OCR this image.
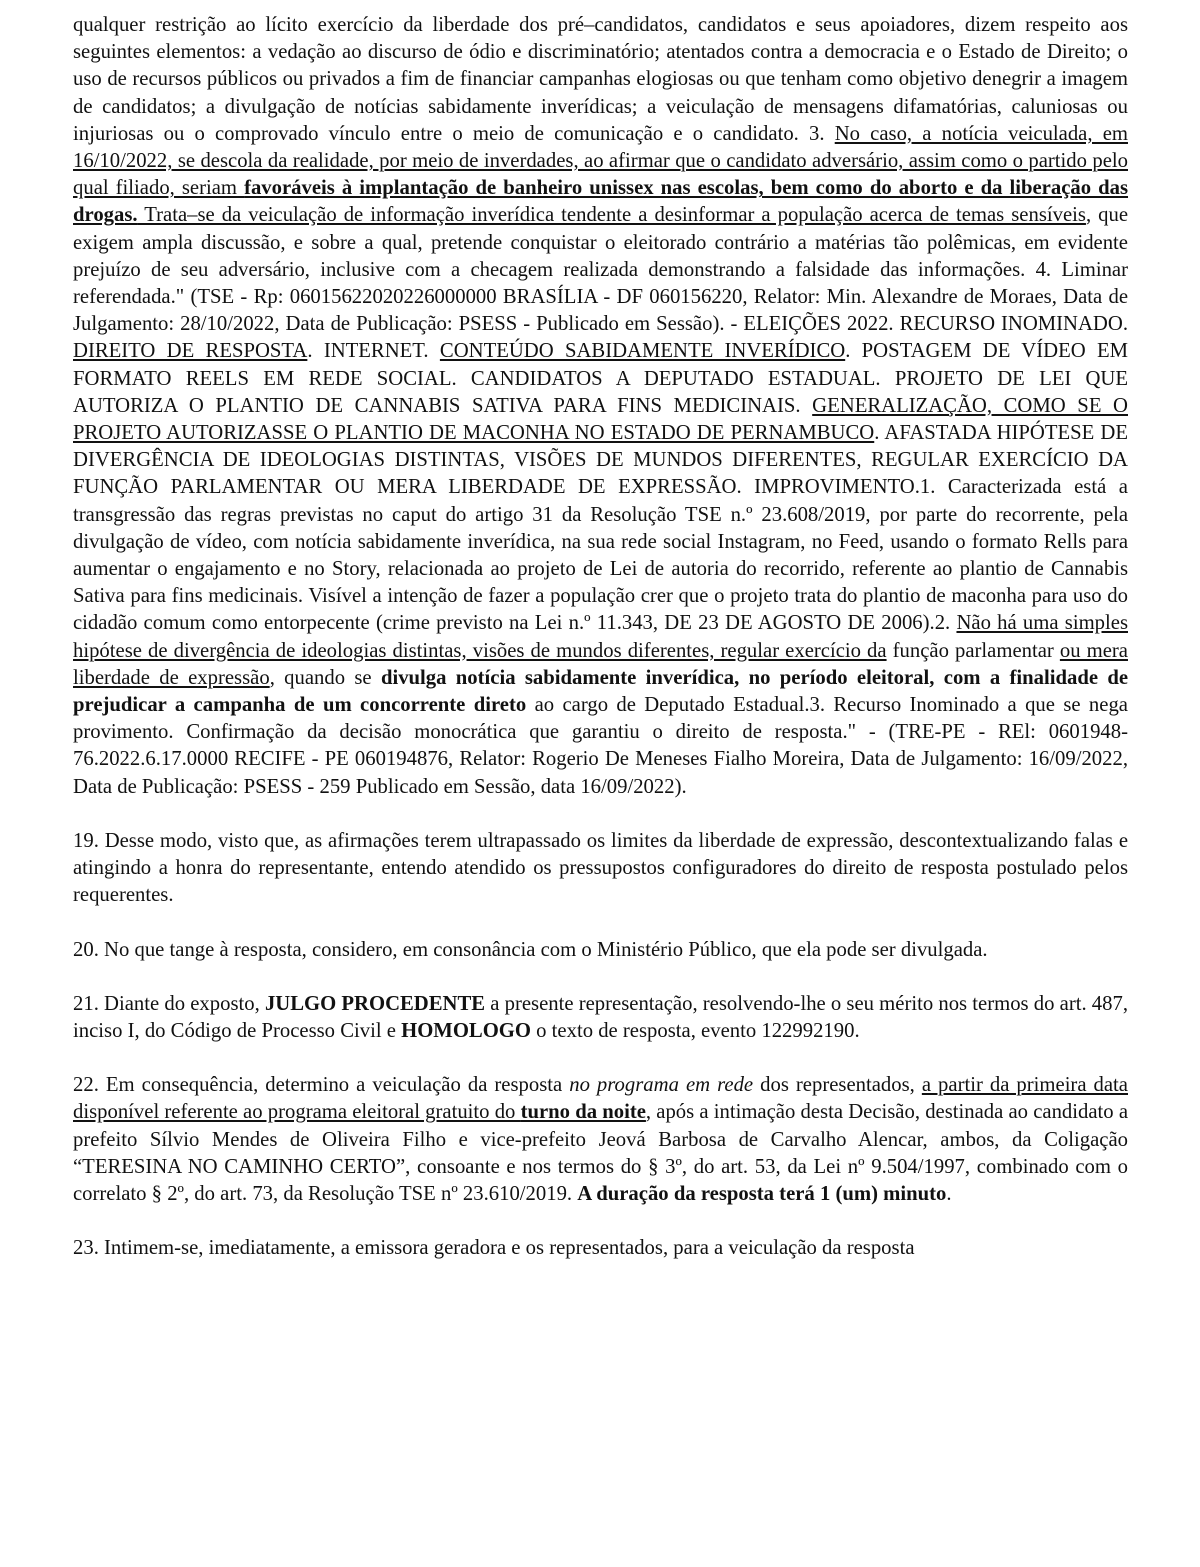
qualquer restrição ao lícito exercício da liberdade dos pré–candidatos, candidatos e seus apoiadores, dizem respeito aos seguintes elementos: a vedação ao discurso de ódio e discriminatório; atentados contra a democracia e o Estado de Direito; o uso de recursos públicos ou privados a fim de financiar campanhas elogiosas ou que tenham como objetivo denegrir a imagem de candidatos; a divulgação de notícias sabidamente inverídicas; a veiculação de mensagens difamatórias, caluniosas ou injuriosas ou o comprovado vínculo entre o meio de comunicação e o candidato. 3. No caso, a notícia veiculada, em 16/10/2022, se descola da realidade, por meio de inverdades, ao afirmar que o candidato adversário, assim como o partido pelo qual filiado, seriam favoráveis à implantação de banheiro unissex nas escolas, bem como do aborto e da liberação das drogas. Trata–se da veiculação de informação inverídica tendente a desinformar a população acerca de temas sensíveis, que exigem ampla discussão, e sobre a qual, pretende conquistar o eleitorado contrário a matérias tão polêmicas, em evidente prejuízo de seu adversário, inclusive com a checagem realizada demonstrando a falsidade das informações. 4. Liminar referendada." (TSE - Rp: 06015622020226000000 BRASÍLIA - DF 060156220, Relator: Min. Alexandre de Moraes, Data de Julgamento: 28/10/2022, Data de Publicação: PSESS - Publicado em Sessão). - ELEIÇÕES 2022. RECURSO INOMINADO. DIREITO DE RESPOSTA. INTERNET. CONTEÚDO SABIDAMENTE INVERÍDICO. POSTAGEM DE VÍDEO EM FORMATO REELS EM REDE SOCIAL. CANDIDATOS A DEPUTADO ESTADUAL. PROJETO DE LEI QUE AUTORIZA O PLANTIO DE CANNABIS SATIVA PARA FINS MEDICINAIS. GENERALIZAÇÃO, COMO SE O PROJETO AUTORIZASSE O PLANTIO DE MACONHA NO ESTADO DE PERNAMBUCO. AFASTADA HIPÓTESE DE DIVERGÊNCIA DE IDEOLOGIAS DISTINTAS, VISÕES DE MUNDOS DIFERENTES, REGULAR EXERCÍCIO DA FUNÇÃO PARLAMENTAR OU MERA LIBERDADE DE EXPRESSÃO. IMPROVIMENTO.1. Caracterizada está a transgressão das regras previstas no caput do artigo 31 da Resolução TSE n.º 23.608/2019, por parte do recorrente, pela divulgação de vídeo, com notícia sabidamente inverídica, na sua rede social Instagram, no Feed, usando o formato Rells para aumentar o engajamento e no Story, relacionada ao projeto de Lei de autoria do recorrido, referente ao plantio de Cannabis Sativa para fins medicinais. Visível a intenção de fazer a população crer que o projeto trata do plantio de maconha para uso do cidadão comum como entorpecente (crime previsto na Lei n.º 11.343, DE 23 DE AGOSTO DE 2006).2. Não há uma simples hipótese de divergência de ideologias distintas, visões de mundos diferentes, regular exercício da função parlamentar ou mera liberdade de expressão, quando se divulga notícia sabidamente inverídica, no período eleitoral, com a finalidade de prejudicar a campanha de um concorrente direto ao cargo de Deputado Estadual.3. Recurso Inominado a que se nega provimento. Confirmação da decisão monocrática que garantiu o direito de resposta." - (TRE-PE - REl: 0601948-76.2022.6.17.0000 RECIFE - PE 060194876, Relator: Rogerio De Meneses Fialho Moreira, Data de Julgamento: 16/09/2022, Data de Publicação: PSESS - 259 Publicado em Sessão, data 16/09/2022).

19. Desse modo, visto que, as afirmações terem ultrapassado os limites da liberdade de expressão, descontextualizando falas e atingindo a honra do representante, entendo atendido os pressupostos configuradores do direito de resposta postulado pelos requerentes.

20. No que tange à resposta, considero, em consonância com o Ministério Público, que ela pode ser divulgada.

21. Diante do exposto, JULGO PROCEDENTE a presente representação, resolvendo-lhe o seu mérito nos termos do art. 487, inciso I, do Código de Processo Civil e HOMOLOGO o texto de resposta, evento 122992190.

22. Em consequência, determino a veiculação da resposta no programa em rede dos representados, a partir da primeira data disponível referente ao programa eleitoral gratuito do turno da noite, após a intimação desta Decisão, destinada ao candidato a prefeito Sílvio Mendes de Oliveira Filho e vice-prefeito Jeová Barbosa de Carvalho Alencar, ambos, da Coligação “TERESINA NO CAMINHO CERTO”, consoante e nos termos do § 3º, do art. 53, da Lei nº 9.504/1997, combinado com o correlato § 2º, do art. 73, da Resolução TSE nº 23.610/2019. A duração da resposta terá 1 (um) minuto.

23. Intimem-se, imediatamente, a emissora geradora e os representados, para a veiculação da resposta
